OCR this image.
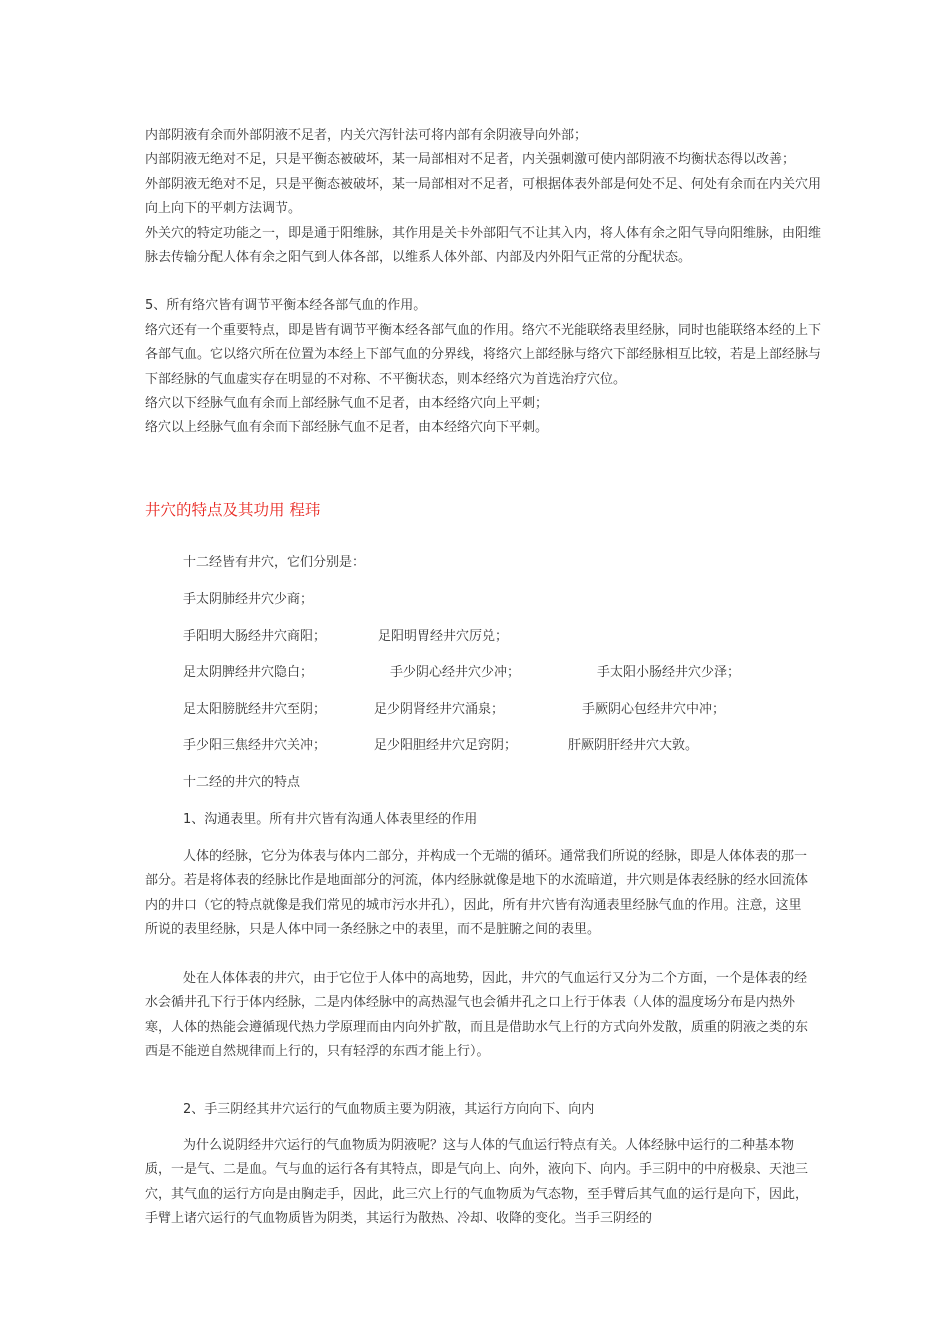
内部阴液有余而外部阴液不足者，内关穴泻针法可将内部有余阴液导向外部；

内部阴液无绝对不足，只是平衡态被破坏，某一局部相对不足者，内关强刺激可使内部阴液不均衡状态得以改善；

外部阴液无绝对不足，只是平衡态被破坏，某一局部相对不足者，可根据体表外部是何处不足、何处有余而在内关穴用向上向下的平刺方法调节。

外关穴的特定功能之一，即是通于阳维脉，其作用是关卡外部阳气不让其入内，将人体有余之阳气导向阳维脉，由阳维脉去传输分配人体有余之阳气到人体各部，以维系人体外部、内部及内外阳气正常的分配状态。

5、所有络穴皆有调节平衡本经各部气血的作用。

络穴还有一个重要特点，即是皆有调节平衡本经各部气血的作用。络穴不光能联络表里经脉，同时也能联络本经的上下各部气血。它以络穴所在位置为本经上下部气血的分界线，将络穴上部经脉与络穴下部经脉相互比较，若是上部经脉与下部经脉的气血虚实存在明显的不对称、不平衡状态，则本经络穴为首选治疗穴位。

络穴以下经脉气血有余而上部经脉气血不足者，由本经络穴向上平刺；

络穴以上经脉气血有余而下部经脉气血不足者，由本经络穴向下平刺。

井穴的特点及其功用 程玮
十二经皆有井穴，它们分别是：
手太阴肺经井穴少商；
手阳明大肠经井穴商阳；	足阳明胃经井穴厉兑；
足太阴脾经井穴隐白；	手少阴心经井穴少冲；	手太阳小肠经井穴少泽；
足太阳膀胱经井穴至阴；	足少阴肾经井穴涌泉；	手厥阴心包经井穴中冲；
手少阳三焦经井穴关冲；	足少阳胆经井穴足窍阴；	肝厥阴肝经井穴大敦。
十二经的井穴的特点
1、沟通表里。所有井穴皆有沟通人体表里经的作用

人体的经脉，它分为体表与体内二部分，并构成一个无端的循环。通常我们所说的经脉，即是人体体表的那一部分。若是将体表的经脉比作是地面部分的河流，体内经脉就像是地下的水流暗道，井穴则是体表经脉的经水回流体内的井口（它的特点就像是我们常见的城市污水井孔），因此，所有井穴皆有沟通表里经脉气血的作用。注意，这里所说的表里经脉，只是人体中同一条经脉之中的表里，而不是脏腑之间的表里。

处在人体体表的井穴，由于它位于人体中的高地势，因此，井穴的气血运行又分为二个方面，一个是体表的经水会循井孔下行于体内经脉，二是内体经脉中的高热湿气也会循井孔之口上行于体表（人体的温度场分布是内热外寒，人体的热能会遵循现代热力学原理而由内向外扩散，而且是借助水气上行的方式向外发散，质重的阴液之类的东西是不能逆自然规律而上行的，只有轻浮的东西才能上行）。

2、手三阴经其井穴运行的气血物质主要为阴液，其运行方向向下、向内

为什么说阴经井穴运行的气血物质为阴液呢？这与人体的气血运行特点有关。人体经脉中运行的二种基本物质，一是气、二是血。气与血的运行各有其特点，即是气向上、向外，液向下、向内。手三阴中的中府极泉、天池三穴，其气血的运行方向是由胸走手，因此，此三穴上行的气血物质为气态物，至手臂后其气血的运行是向下，因此，手臂上诸穴运行的气血物质皆为阴类，其运行为散热、冷却、收降的变化。当手三阴经的
